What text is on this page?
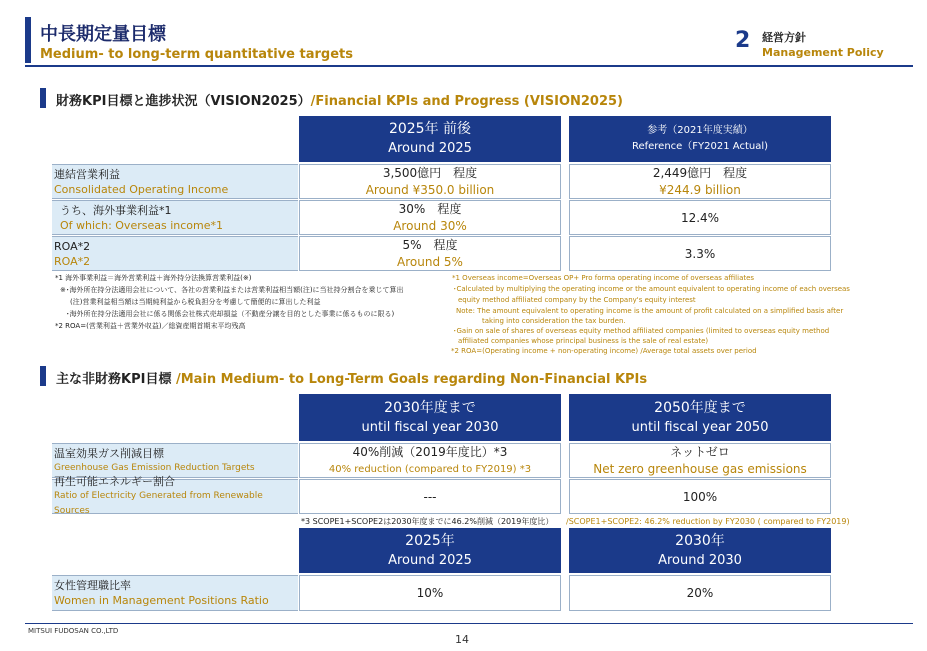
中長期定量目標
Medium- to long-term quantitative targets
2 経営方針
Management Policy
財務KPI目標と進捗状況（VISION2025）/Financial KPIs and Progress (VISION2025)
2025年 前後
Around 2025
参考（2021年度実績）
Reference（FY2021 Actual)
連結営業利益
Consolidated Operating Income
3,500億円　程度
Around ¥350.0 billion
2,449億円　程度
¥244.9 billion
うち、海外事業利益*1
Of which: Overseas income*1
30%　程度
Around 30%
12.4%
ROA*2
ROA*2
5%　程度
Around 5%
3.3%
*1 海外事業利益＝海外営業利益＋海外持分法換算営業利益(※)
※･海外所在持分法適用会社について、各社の営業利益または営業利益相当額(注)に当社持分割合を乗じて算出
(注)営業利益相当額は当期純利益から税負担分を考慮して簡便的に算出した利益
･海外所在持分法適用会社に係る関係会社株式売却損益（不動産分譲を目的とした事業に係るものに限る)
*2 ROA=(営業利益＋営業外収益)／総資産期首期末平均残高
*1 Overseas income=Overseas OP+ Pro forma operating income of overseas affiliates
･Calculated by multiplying the operating income or the amount equivalent to operating income of each overseas
equity method affiliated company by the Company's equity interest
Note: The amount equivalent to operating income is the amount of profit calculated on a simplified basis after
taking into consideration the tax burden.
･Gain on sale of shares of overseas equity method affiliated companies (limited to overseas equity method
affiliated companies whose principal business is the sale of real estate)
*2 ROA=(Operating income + non-operating income) /Average total assets over period
主な非財務KPI目標 /Main Medium- to Long-Term Goals regarding Non-Financial KPIs
2030年度まで
until fiscal year 2030
2050年度まで
until fiscal year 2050
温室効果ガス削減目標
Greenhouse Gas Emission Reduction Targets
40%削減（2019年度比）*3
40% reduction (compared to FY2019) *3
ネットゼロ
Net zero greenhouse gas emissions
再生可能エネルギー割合
Ratio of Electricity Generated from Renewable Sources
---	100%
*3 SCOPE1+SCOPE2は2030年度までに46.2%削減（2019年度比） /SCOPE1+SCOPE2: 46.2% reduction by FY2030 ( compared to FY2019)
2025年
Around 2025
2030年
Around 2030
女性管理職比率
Women in Management Positions Ratio
10%	20%
MITSUI FUDOSAN CO.,LTD
14
